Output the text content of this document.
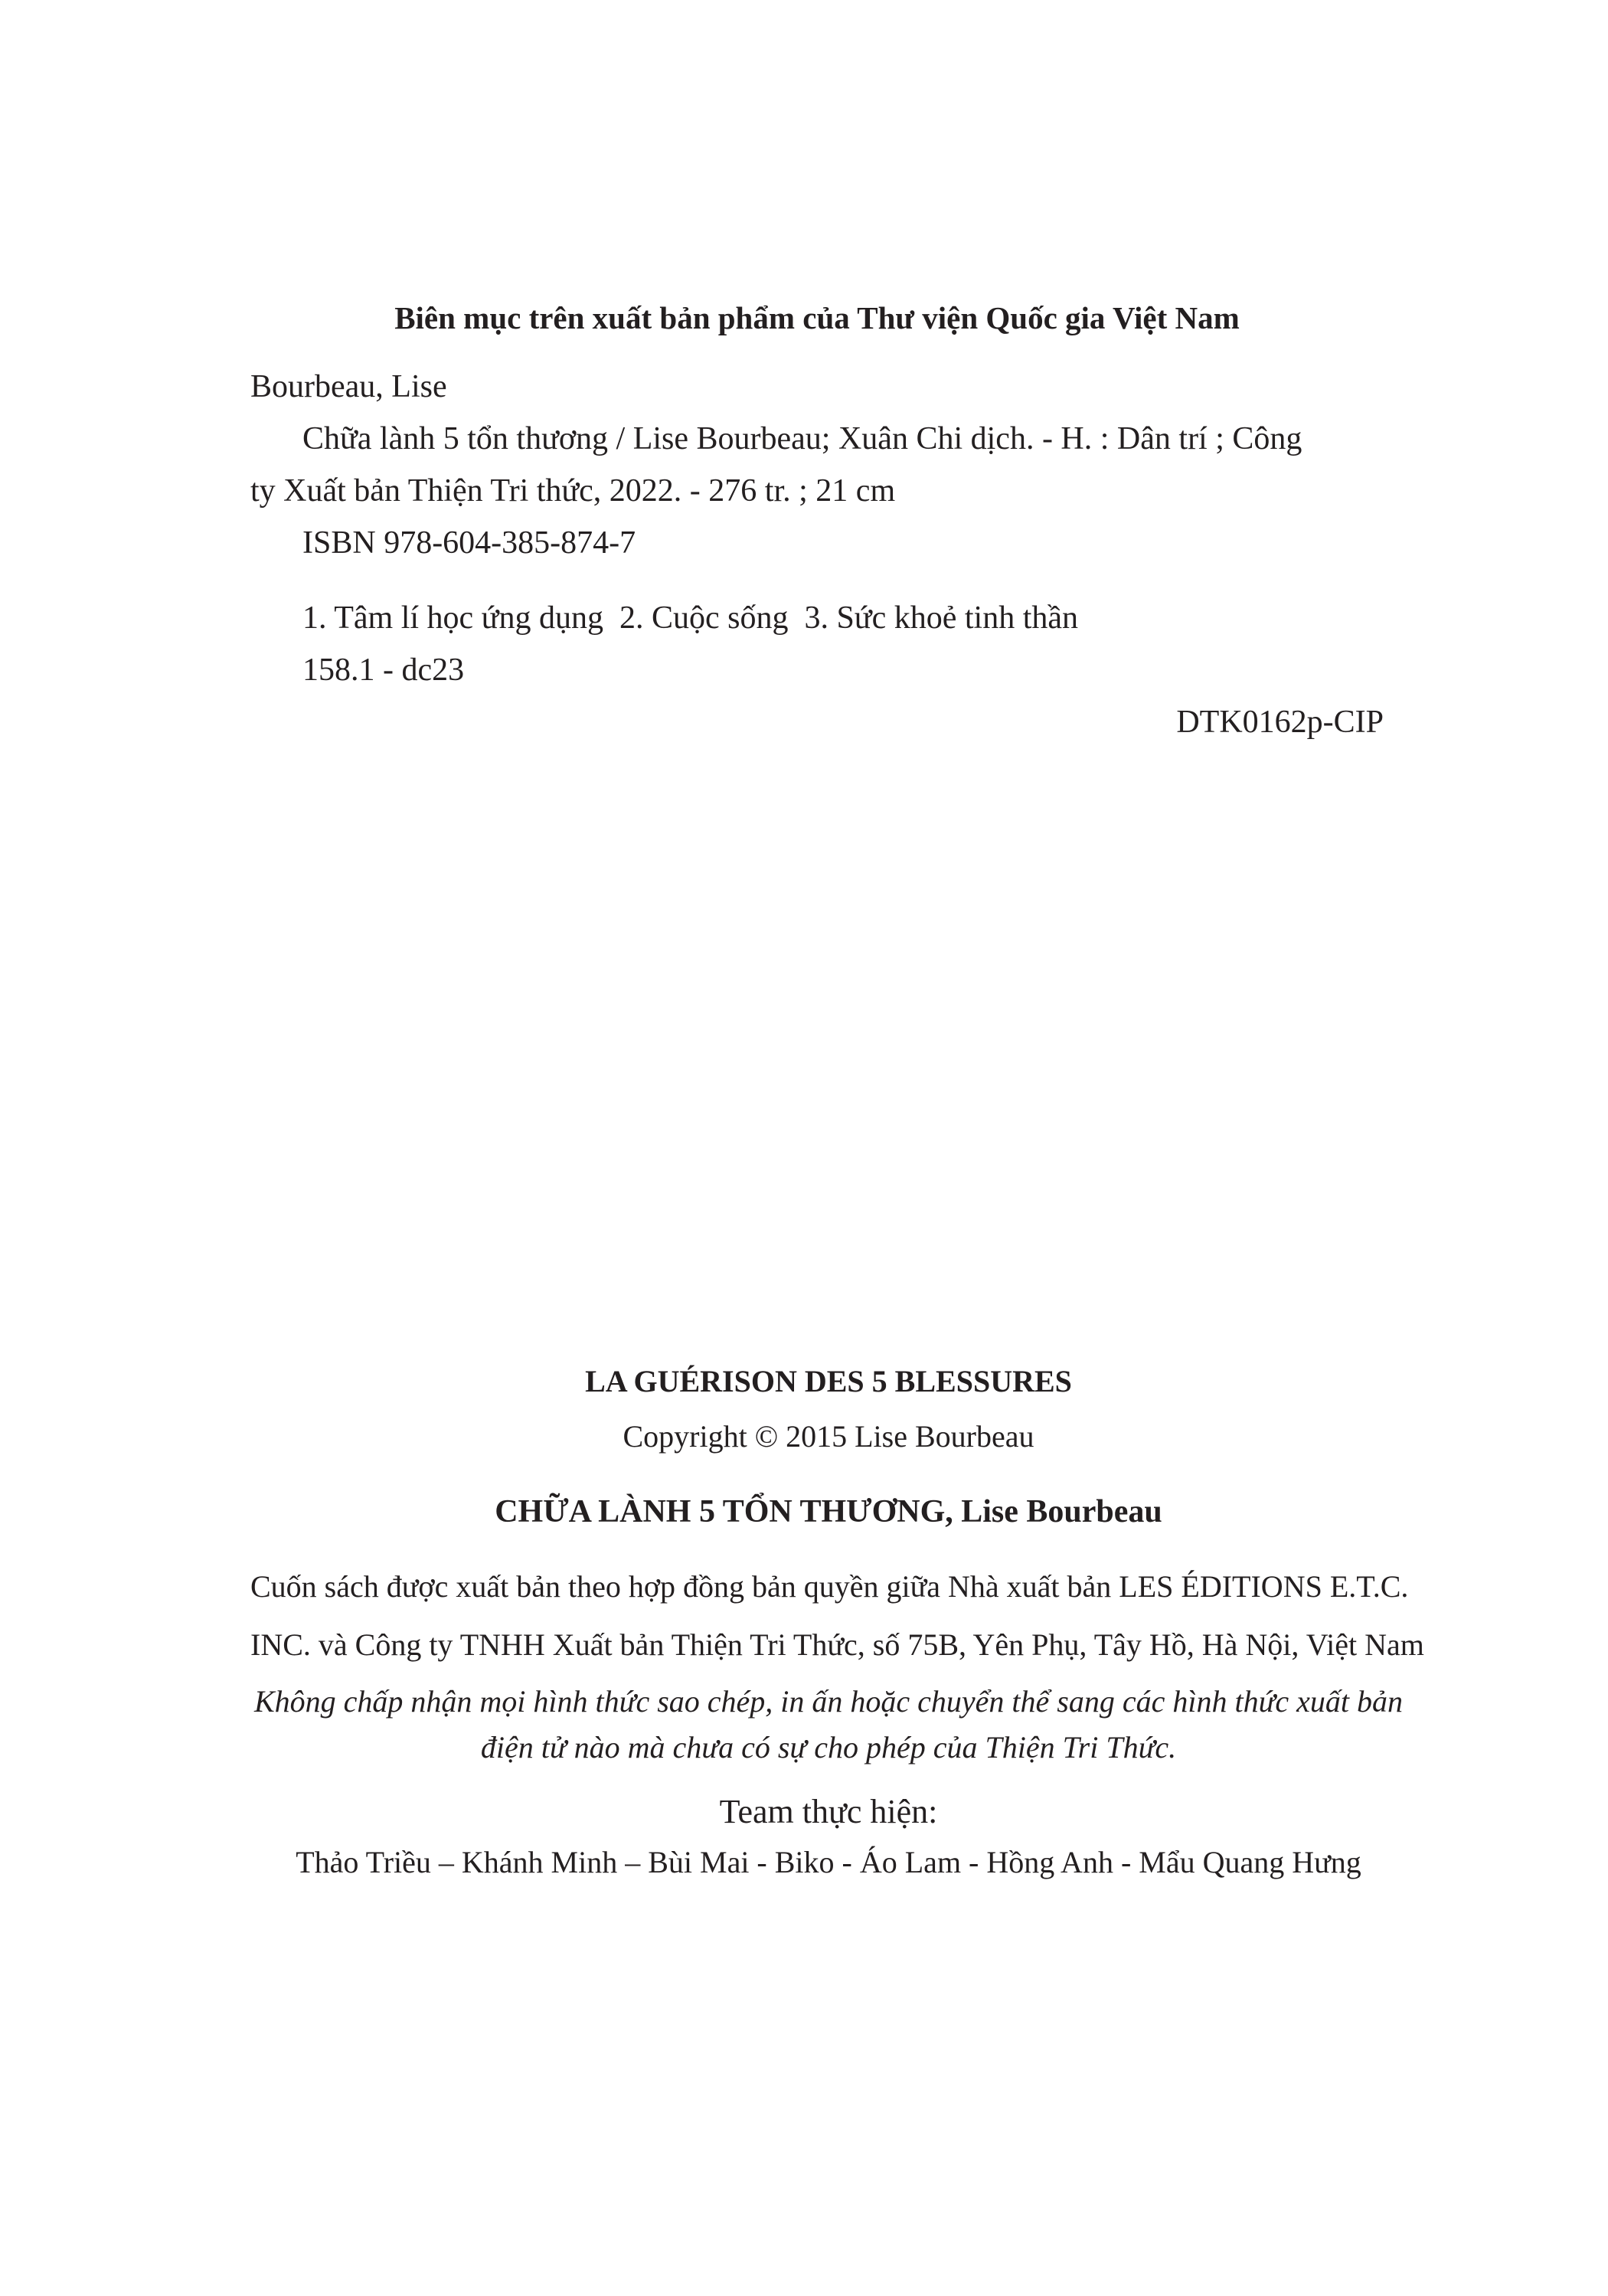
Biên mục trên xuất bản phẩm của Thư viện Quốc gia Việt Nam
Bourbeau, Lise
Chữa lành 5 tổn thương / Lise Bourbeau; Xuân Chi dịch. - H. : Dân trí ; Công
ty Xuất bản Thiện Tri thức, 2022. - 276 tr. ; 21 cm
ISBN 978-604-385-874-7
1. Tâm lí học ứng dụng 2. Cuộc sống 3. Sức khoẻ tinh thần
158.1 - dc23
DTK0162p-CIP
LA GUÉRISON DES 5 BLESSURES
Copyright © 2015 Lise Bourbeau
CHỮA LÀNH 5 TỔN THƯƠNG, Lise Bourbeau
Cuốn sách được xuất bản theo hợp đồng bản quyền giữa Nhà xuất bản LES ÉDITIONS E.T.C.
INC. và Công ty TNHH Xuất bản Thiện Tri Thức, số 75B, Yên Phụ, Tây Hồ, Hà Nội, Việt Nam
Không chấp nhận mọi hình thức sao chép, in ấn hoặc chuyển thể sang các hình thức xuất bản
điện tử nào mà chưa có sự cho phép của Thiện Tri Thức.
Team thực hiện:
Thảo Triều – Khánh Minh – Bùi Mai - Biko - Áo Lam - Hồng Anh - Mẩu Quang Hưng
